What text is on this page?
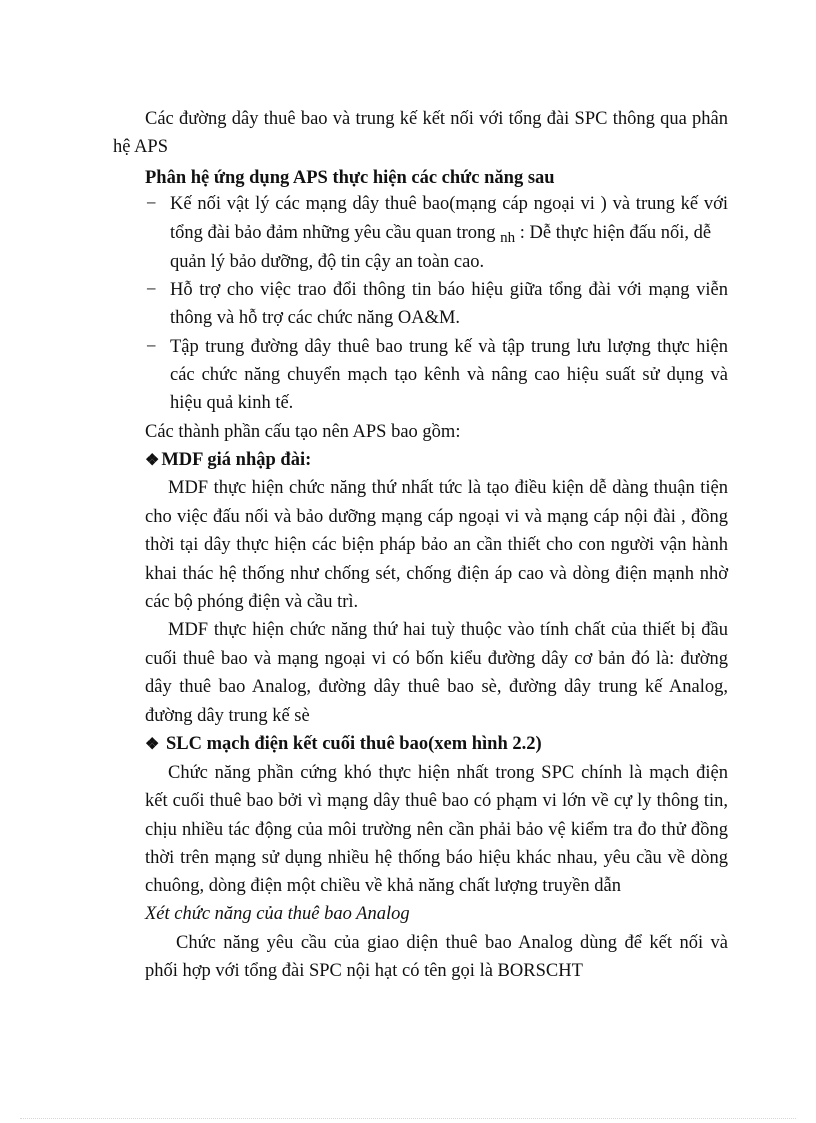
Các đường dây thuê bao và trung kế kết nối với tổng đài SPC thông qua phân
hệ APS
Phân hệ ứng dụng APS thực hiện các chức năng sau
− Kế nối vật lý các mạng dây thuê bao(mạng cáp ngoại vi ) và trung kế với
tổng đài bảo đảm những yêu cầu quan trong $_{nh}$ : Dễ thực hiện đấu nối, dễ
quản lý bảo dưỡng, độ tin cậy an toàn cao.
− Hỗ trợ cho việc trao đổi thông tin báo hiệu giữa tổng đài với mạng viễn
thông và hỗ trợ các chức năng OA&M.
− Tập trung đường dây thuê bao trung kế và tập trung lưu lượng thực hiện
các chức năng chuyển mạch tạo kênh và nâng cao hiệu suất sử dụng và
hiệu quả kinh tế.
Các thành phần cấu tạo nên APS bao gồm:
❖ MDF giá nhập đài:
MDF thực hiện chức năng thứ nhất tức là tạo điều kiện dễ dàng thuận tiện
cho việc đấu nối và bảo dưỡng mạng cáp ngoại vi và mạng cáp nội đài , đồng
thời tại dây thực hiện các biện pháp bảo an cần thiết cho con người vận hành
khai thác hệ thống như chống sét, chống điện áp cao và dòng điện mạnh nhờ
các bộ phóng điện và cầu trì.
MDF thực hiện chức năng thứ hai tuỳ thuộc vào tính chất của thiết bị đầu
cuối thuê bao và mạng ngoại vi có bốn kiểu đường dây cơ bản đó là: đường
dây thuê bao Analog, đường dây thuê bao sè, đường dây trung kế Analog,
đường dây trung kế sè
❖ SLC mạch điện kết cuối thuê bao(xem hình 2.2)
Chức năng phần cứng khó thực hiện nhất trong SPC chính là mạch điện
kết cuối thuê bao bởi vì mạng dây thuê bao có phạm vi lớn về cự ly thông tin,
chịu nhiều tác động của môi trường nên cần phải bảo vệ kiểm tra đo thử đồng
thời trên mạng sử dụng nhiều hệ thống báo hiệu khác nhau, yêu cầu về dòng
chuông, dòng điện một chiều về khả năng chất lượng truyền dẫn
Xét chức năng của thuê bao Analog
Chức năng yêu cầu của giao diện thuê bao Analog dùng để kết nối và
phối hợp với tổng đài SPC nội hạt có tên gọi là BORSCHT
